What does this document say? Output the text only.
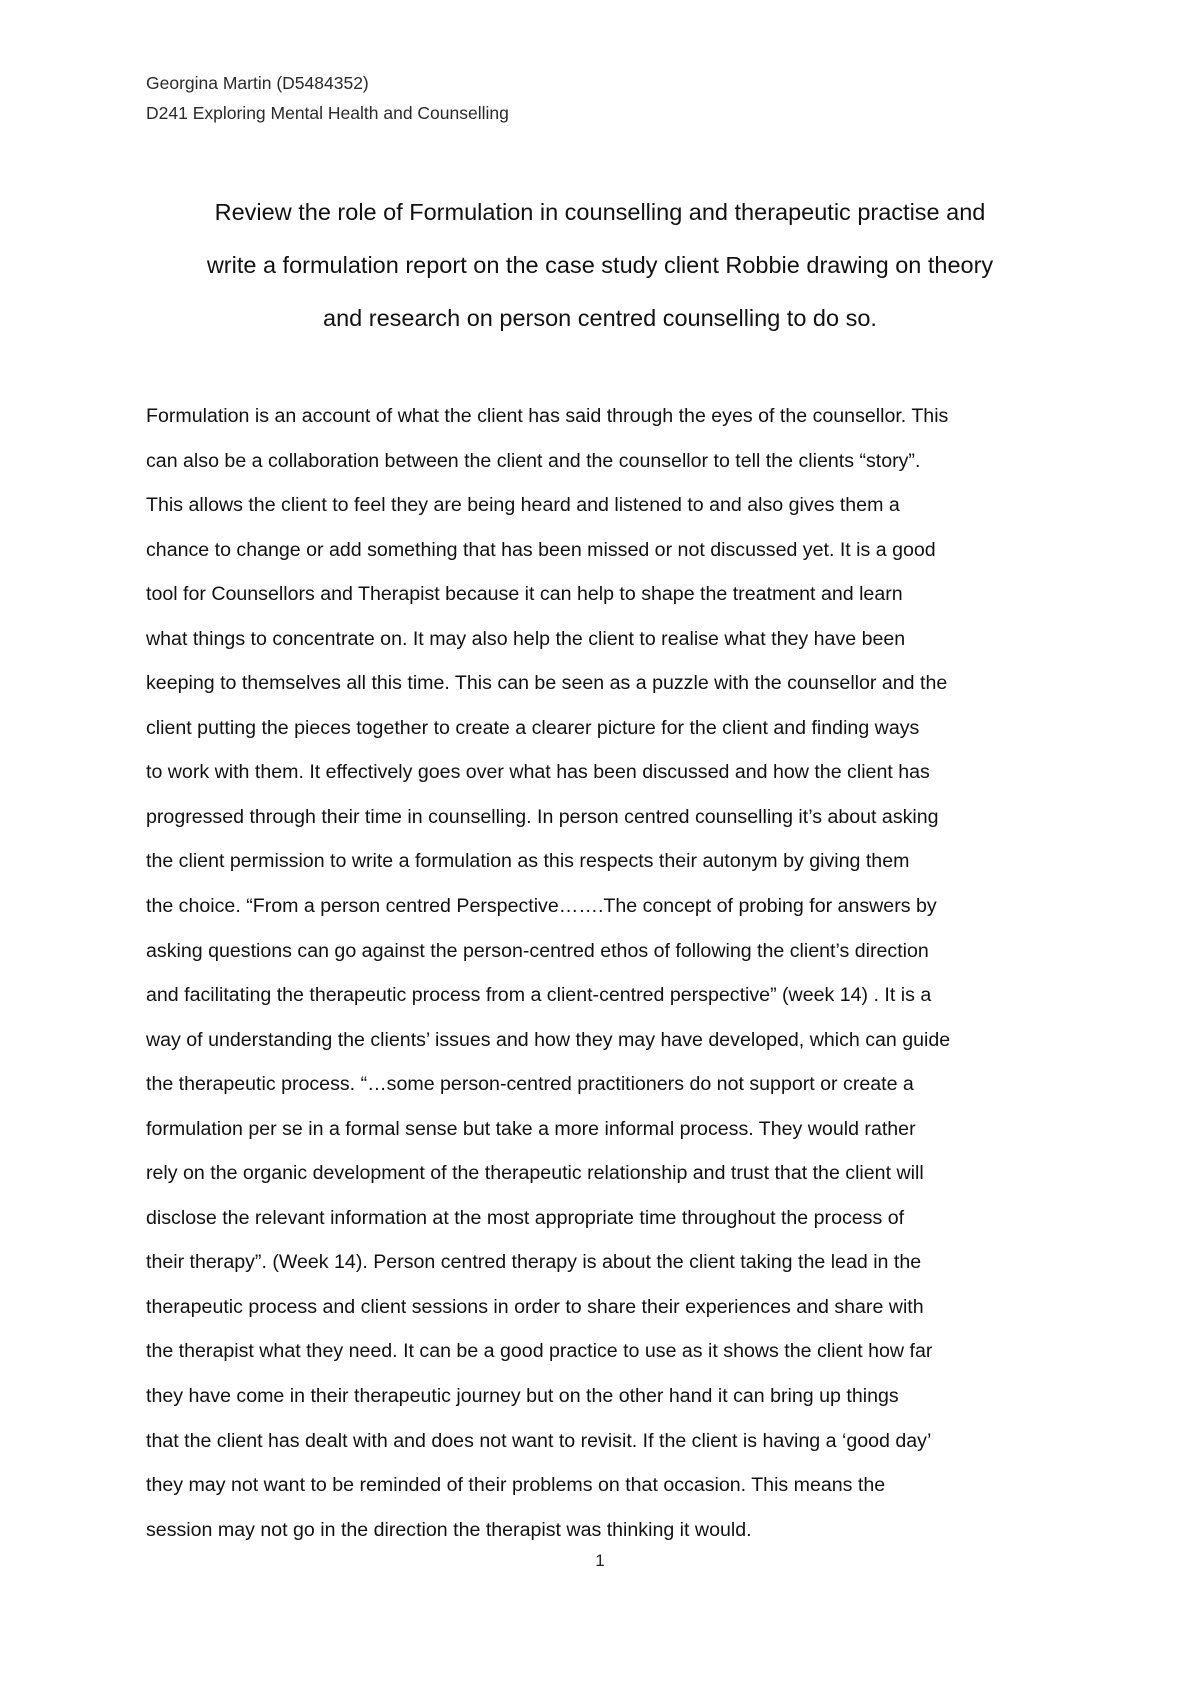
Georgina Martin (D5484352)
D241 Exploring Mental Health and Counselling
Review the role of Formulation in counselling and therapeutic practise and
write a formulation report on the case study client Robbie drawing on theory
and research on person centred counselling to do so.
Formulation is an account of what the client has said through the eyes of the counsellor. This
can also be a collaboration between the client and the counsellor to tell the clients “story”.
This allows the client to feel they are being heard and listened to and also gives them a
chance to change or add something that has been missed or not discussed yet. It is a good
tool for Counsellors and Therapist because it can help to shape the treatment and learn
what things to concentrate on. It may also help the client to realise what they have been
keeping to themselves all this time. This can be seen as a puzzle with the counsellor and the
client putting the pieces together to create a clearer picture for the client and finding ways
to work with them. It effectively goes over what has been discussed and how the client has
progressed through their time in counselling. In person centred counselling it’s about asking
the client permission to write a formulation as this respects their autonym by giving them
the choice. “From a person centred Perspective…….The concept of probing for answers by
asking questions can go against the person-centred ethos of following the client’s direction
and facilitating the therapeutic process from a client-centred perspective” (week 14) . It is a
way of understanding the clients’ issues and how they may have developed, which can guide
the therapeutic process. “…some person-centred practitioners do not support or create a
formulation per se in a formal sense but take a more informal process. They would rather
rely on the organic development of the therapeutic relationship and trust that the client will
disclose the relevant information at the most appropriate time throughout the process of
their therapy”. (Week 14). Person centred therapy is about the client taking the lead in the
therapeutic process and client sessions in order to share their experiences and share with
the therapist what they need. It can be a good practice to use as it shows the client how far
they have come in their therapeutic journey but on the other hand it can bring up things
that the client has dealt with and does not want to revisit. If the client is having a ‘good day’
they may not want to be reminded of their problems on that occasion. This means the
session may not go in the direction the therapist was thinking it would.
1
